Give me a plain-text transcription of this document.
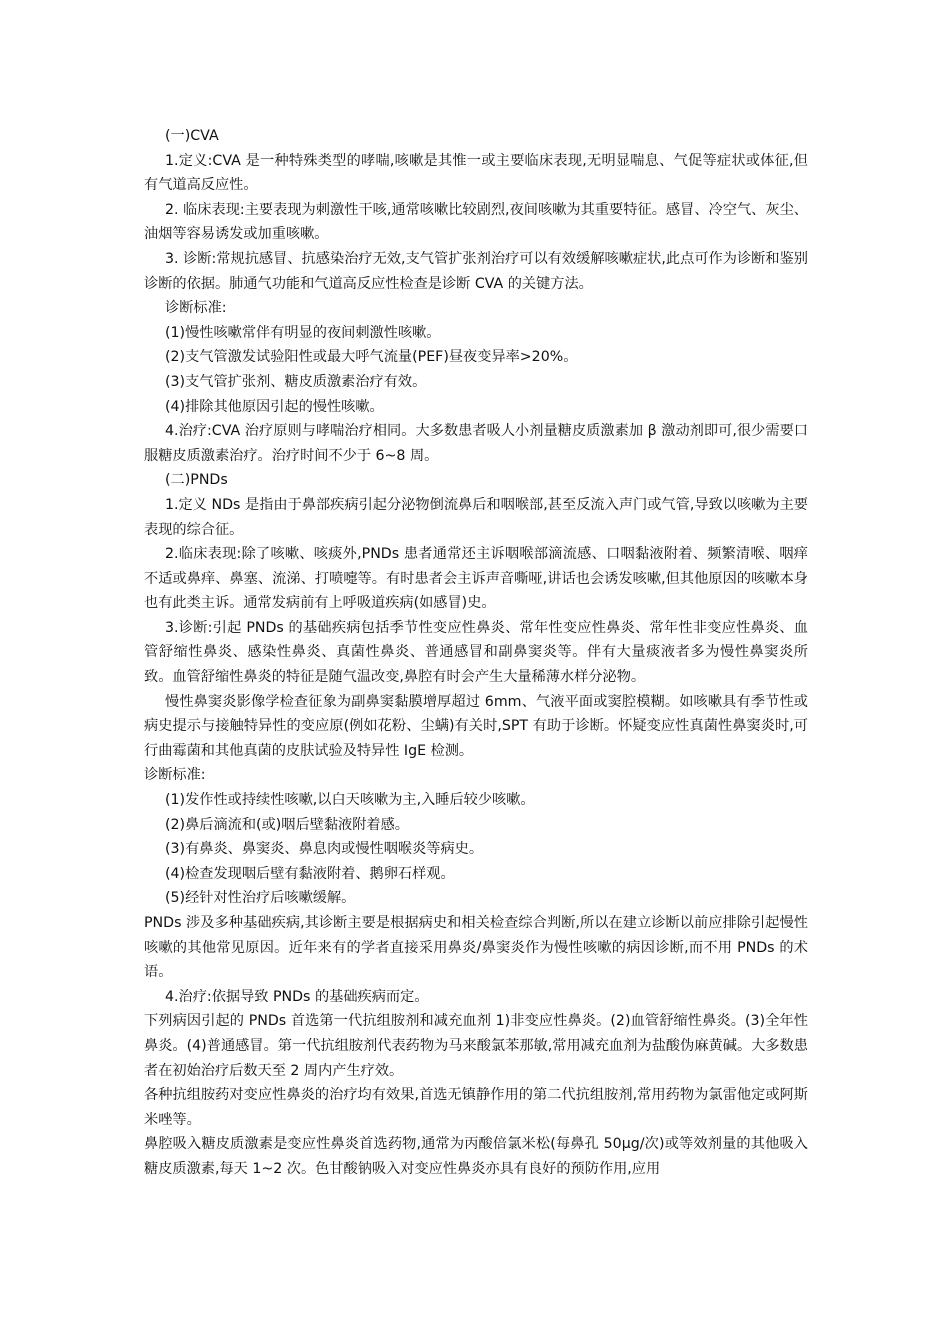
(一)CVA

1.定义:CVA 是一种特殊类型的哮喘,咳嗽是其惟一或主要临床表现,无明显喘息、气促等症状或体征,但有气道高反应性。

2. 临床表现:主要表现为刺激性干咳,通常咳嗽比较剧烈,夜间咳嗽为其重要特征。感冒、冷空气、灰尘、油烟等容易诱发或加重咳嗽。

3. 诊断:常规抗感冒、抗感染治疗无效,支气管扩张剂治疗可以有效缓解咳嗽症状,此点可作为诊断和鉴别诊断的依据。肺通气功能和气道高反应性检查是诊断 CVA 的关键方法。

诊断标准:

(1)慢性咳嗽常伴有明显的夜间刺激性咳嗽。

(2)支气管激发试验阳性或最大呼气流量(PEF)昼夜变异率>20%。

(3)支气管扩张剂、糖皮质激素治疗有效。

(4)排除其他原因引起的慢性咳嗽。

4.治疗:CVA 治疗原则与哮喘治疗相同。大多数患者吸人小剂量糖皮质激素加 β 激动剂即可,很少需要口服糖皮质激素治疗。治疗时间不少于 6~8 周。

(二)PNDs

1.定义 NDs 是指由于鼻部疾病引起分泌物倒流鼻后和咽喉部,甚至反流入声门或气管,导致以咳嗽为主要表现的综合征。

2.临床表现:除了咳嗽、咳痰外,PNDs 患者通常还主诉咽喉部滴流感、口咽黏液附着、频繁清喉、咽痒不适或鼻痒、鼻塞、流涕、打喷嚏等。有时患者会主诉声音嘶哑,讲话也会诱发咳嗽,但其他原因的咳嗽本身也有此类主诉。通常发病前有上呼吸道疾病(如感冒)史。

3.诊断:引起 PNDs 的基础疾病包括季节性变应性鼻炎、常年性变应性鼻炎、常年性非变应性鼻炎、血管舒缩性鼻炎、感染性鼻炎、真菌性鼻炎、普通感冒和副鼻窦炎等。伴有大量痰液者多为慢性鼻窦炎所致。血管舒缩性鼻炎的特征是随气温改变,鼻腔有时会产生大量稀薄水样分泌物。

慢性鼻窦炎影像学检查征象为副鼻窦黏膜增厚超过 6mm、气液平面或窦腔模糊。如咳嗽具有季节性或病史提示与接触特异性的变应原(例如花粉、尘螨)有关时,SPT 有助于诊断。怀疑变应性真菌性鼻窦炎时,可行曲霉菌和其他真菌的皮肤试验及特异性 IgE 检测。

诊断标准:

(1)发作性或持续性咳嗽,以白天咳嗽为主,入睡后较少咳嗽。

(2)鼻后滴流和(或)咽后壁黏液附着感。

(3)有鼻炎、鼻窦炎、鼻息肉或慢性咽喉炎等病史。

(4)检查发现咽后壁有黏液附着、鹅卵石样观。

(5)经针对性治疗后咳嗽缓解。

PNDs 涉及多种基础疾病,其诊断主要是根据病史和相关检查综合判断,所以在建立诊断以前应排除引起慢性咳嗽的其他常见原因。近年来有的学者直接采用鼻炎/鼻窦炎作为慢性咳嗽的病因诊断,而不用 PNDs 的术语。

4.治疗:依据导致 PNDs 的基础疾病而定。

下列病因引起的 PNDs 首选第一代抗组胺剂和减充血剂 1)非变应性鼻炎。(2)血管舒缩性鼻炎。(3)全年性鼻炎。(4)普通感冒。第一代抗组胺剂代表药物为马来酸氯苯那敏,常用减充血剂为盐酸伪麻黄碱。大多数患者在初始治疗后数天至 2 周内产生疗效。

各种抗组胺药对变应性鼻炎的治疗均有效果,首选无镇静作用的第二代抗组胺剂,常用药物为氯雷他定或阿斯米唑等。

鼻腔吸入糖皮质激素是变应性鼻炎首选药物,通常为丙酸倍氯米松(每鼻孔 50μg/次)或等效剂量的其他吸入糖皮质激素,每天 1~2 次。色甘酸钠吸入对变应性鼻炎亦具有良好的预防作用,应用
